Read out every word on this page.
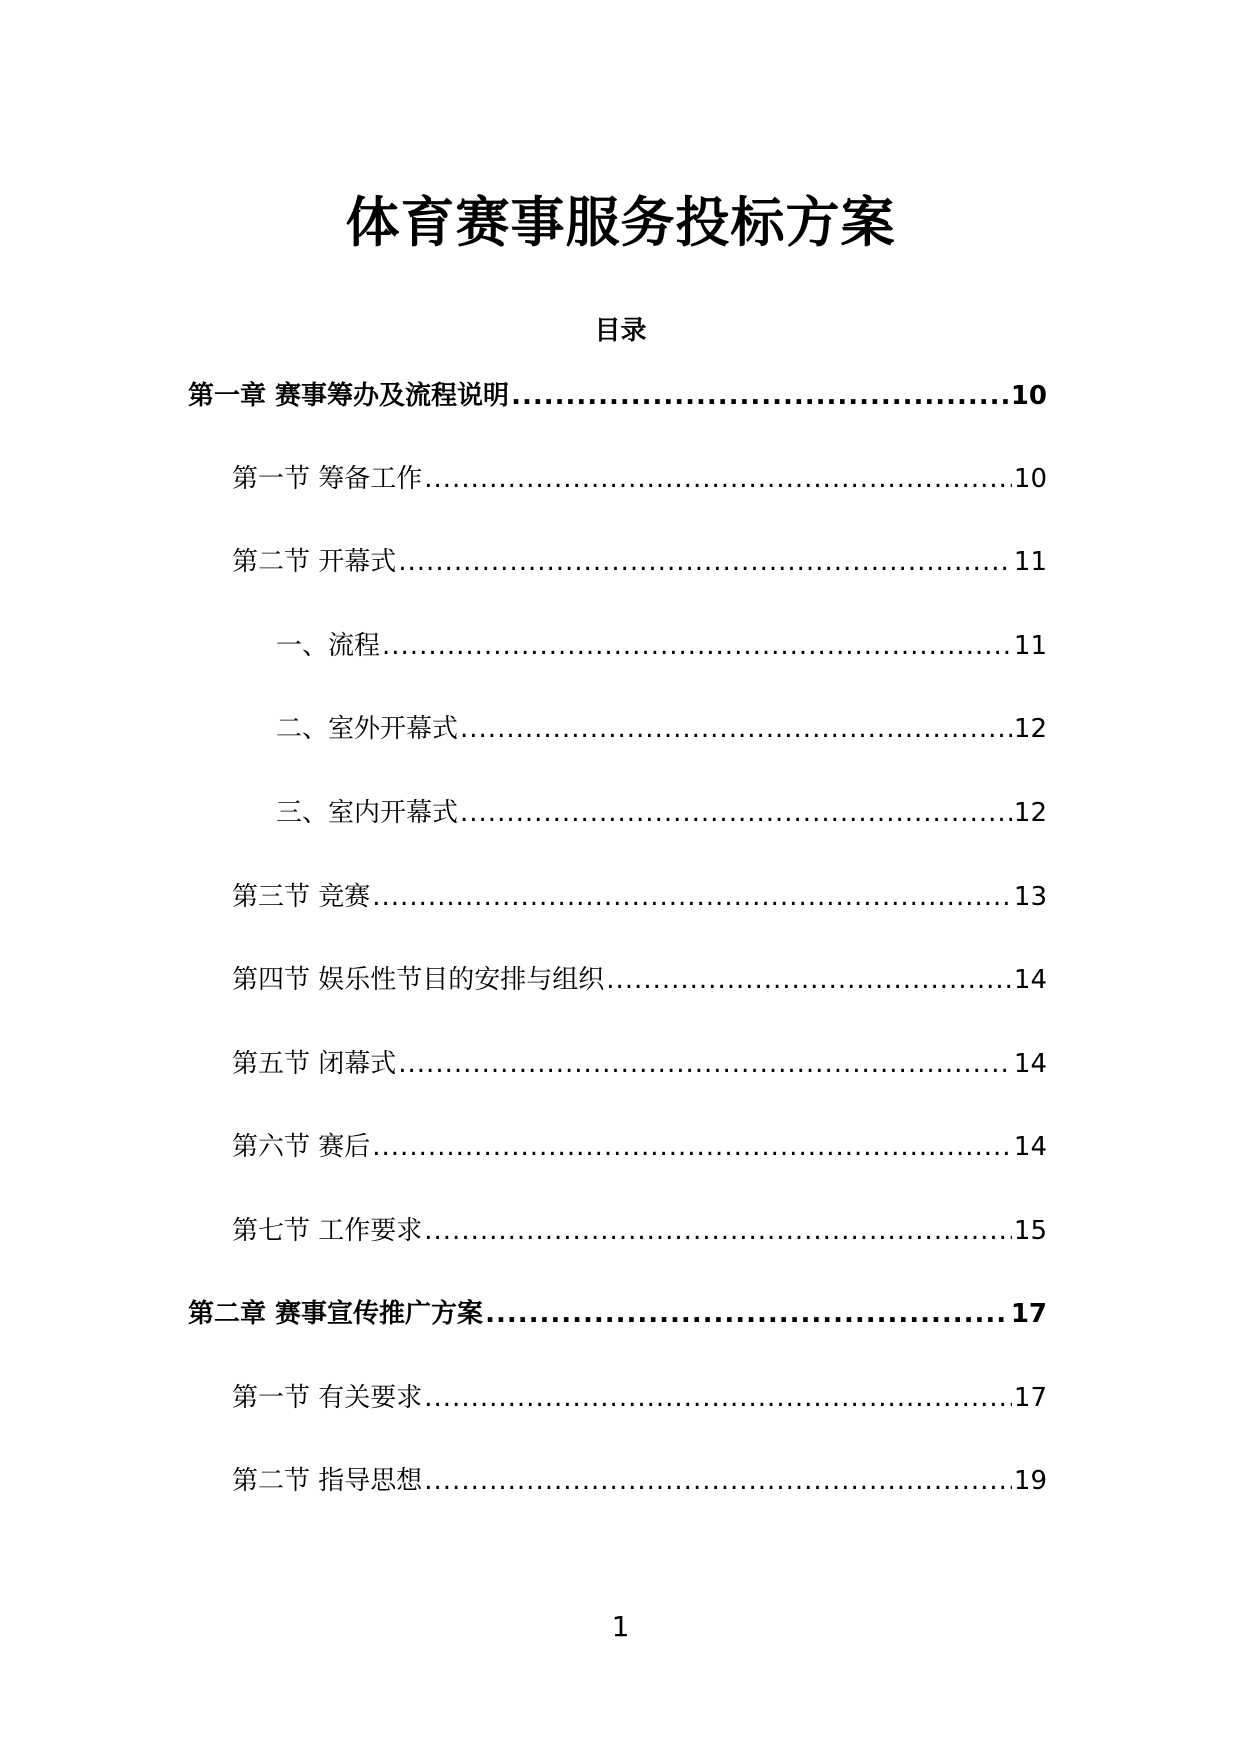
体育赛事服务投标方案
目录
第一章 赛事筹办及流程说明 .....	10
第一节 筹备工作 .....	10
第二节 开幕式 .....	11
一、流程 .....	11
二、室外开幕式 .....	12
三、室内开幕式 .....	12
第三节 竞赛 .....	13
第四节 娱乐性节目的安排与组织 .....	14
第五节 闭幕式 .....	14
第六节 赛后 .....	14
第七节 工作要求 .....	15
第二章 赛事宣传推广方案 .....	17
第一节 有关要求 .....	17
第二节 指导思想 .....	19
1
